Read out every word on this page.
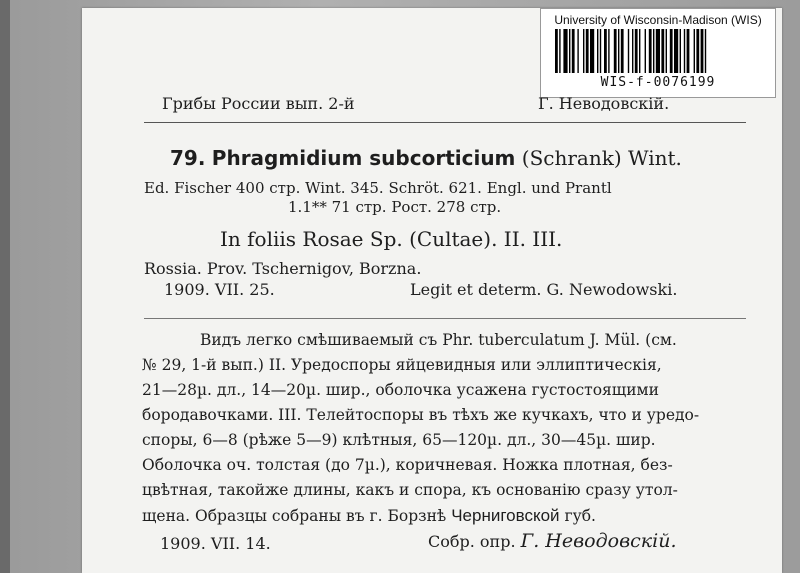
University of Wisconsin-Madison (WIS)
WIS-f-0076199
Грибы России вып. 2-й	Г. Неводовскій.
79. Phragmidium subcorticium (Schrank) Wint.
Ed. Fischer 400 стр. Wint. 345. Schröt. 621. Engl. und Prantl
1.1** 71 стр. Рост. 278 стр.
In foliis Rosae Sp. (Cultae). II. III.
Rossia. Prov. Tschernigov, Borzna.
1909. VII. 25.	Legit et determ. G. Newodowski.
Видъ легко смѣшиваемый съ Phr. tuberculatum J. Mül. (см.
№ 29, 1-й вып.) II. Уредоспоры яйцевидныя или эллиптическія,
21—28µ. дл., 14—20µ. шир., оболочка усажена густостоящими
бородавочками. III. Телейтоспоры въ тѣхъ же кучкахъ, что и уредо-
споры, 6—8 (рѣже 5—9) клѣтныя, 65—120µ. дл., 30—45µ. шир.
Оболочка оч. толстая (до 7µ.), коричневая. Ножка плотная, без-
цвѣтная, такойже длины, какъ и спора, къ основанію сразу утол-
щена. Образцы собраны въ г. Борзнѣ Черниговской губ.
1909. VII. 14.	Собр. опр. Г. Неводовскій.
